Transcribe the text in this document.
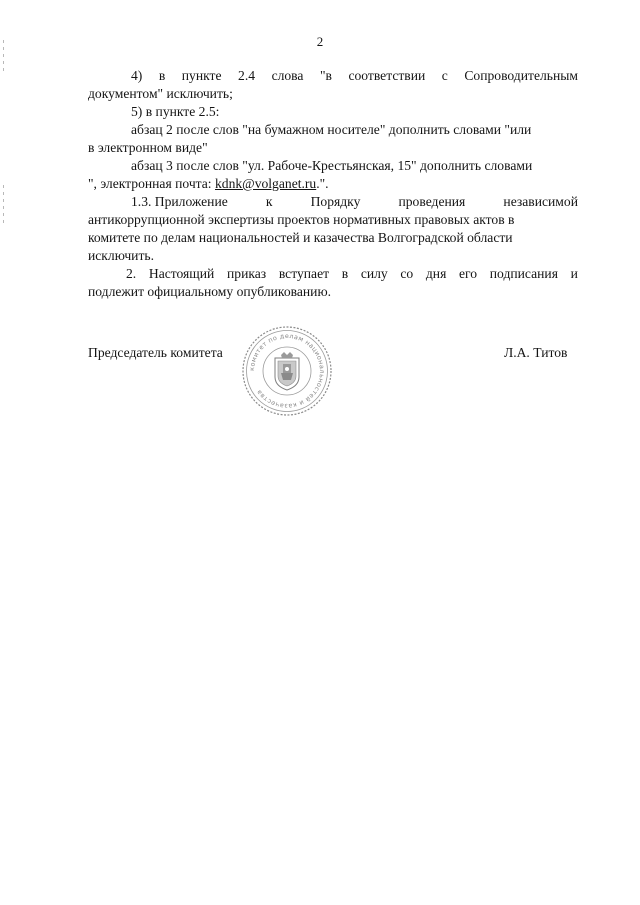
2
4) в пункте 2.4 слова "в соответствии с Сопроводительным
документом" исключить;
5) в пункте 2.5:
абзац 2 после слов "на бумажном носителе" дополнить словами "или
в электронном виде"
абзац 3 после слов "ул. Рабоче-Крестьянская, 15" дополнить словами
", электронная почта: kdnk@volganet.ru.".
1.3. Приложение	к	Порядку	проведения	независимой
антикоррупционной экспертизы проектов нормативных правовых актов в
комитете по делам национальностей и казачества Волгоградской области
исключить.
2. Настоящий приказ вступает в силу со дня его подписания и
подлежит официальному опубликованию.
Председатель комитета	Л.А. Титов
комитет по делам национальностей и казачества
